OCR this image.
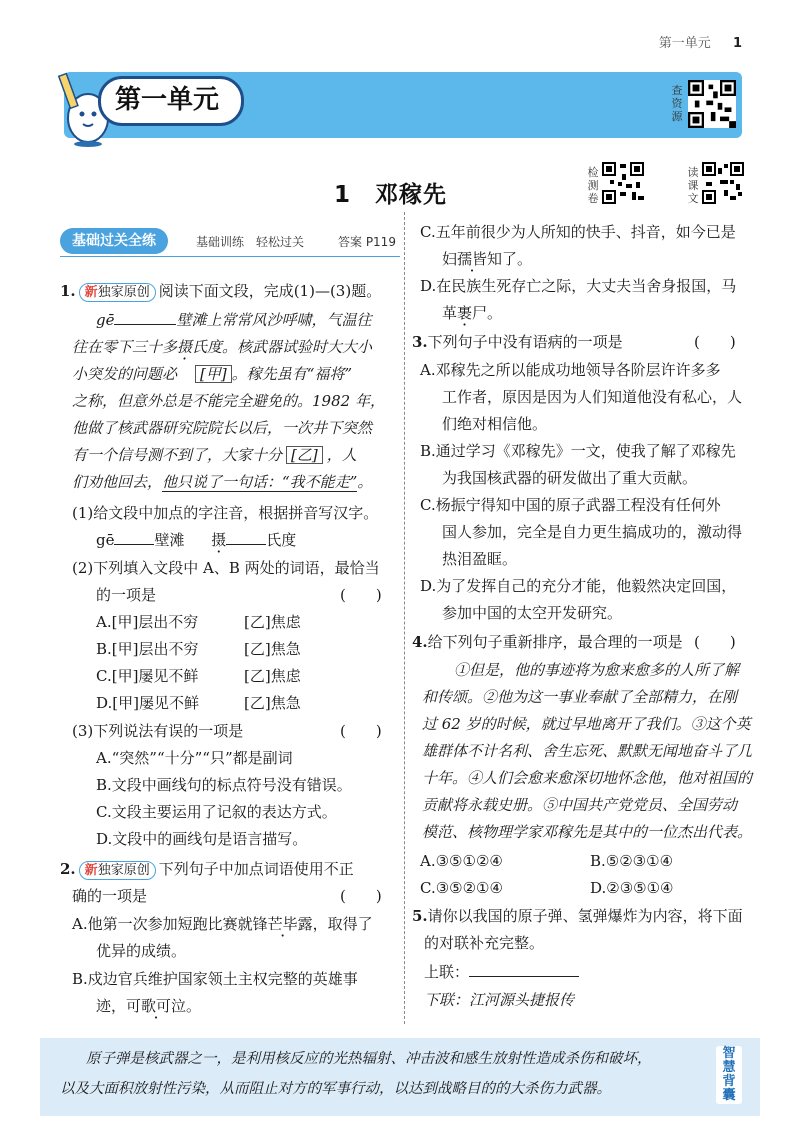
第一单元 1
第一单元	查资源
1　邓稼先
检测卷
读课文
基础过关全练	基础训练　轻松过关	答案 P119
1. 新独家原创 阅读下面文段，完成(1)—(3)题。
gē	壁滩上常常风沙呼啸，气温往
往在零下三十多摄氏度。核武器试验时大大小
小突发的问题必 [甲] 。稼先虽有“福将”
之称，但意外总是不能完全避免的。1982 年，
他做了核武器研究院院长以后，一次井下突然
有一个信号测不到了，大家十分 [乙] ，人
们劝他回去，他只说了一句话：“我不能走”。
(1)给文段中加点的字注音，根据拼音写汉字。
gē	壁滩 摄	氏度
(2)下列填入文段中 A、B 两处的词语，最恰当
的一项是	(　　)
A.[甲]层出不穷	[乙]焦虑
B.[甲]层出不穷	[乙]焦急
C.[甲]屡见不鲜	[乙]焦虑
D.[甲]屡见不鲜	[乙]焦急
(3)下列说法有误的一项是	(　　)
A.“突然”“十分”“只”都是副词
B.文段中画线句的标点符号没有错误。
C.文段主要运用了记叙的表达方式。
D.文段中的画线句是语言描写。
2. 新独家原创 下列句子中加点词语使用不正
确的一项是	(　　)
A.他第一次参加短跑比赛就锋芒毕露，取得了
优异的成绩。
B.戍边官兵维护国家领土主权完整的英雄事
迹，可歌可泣。
C.五年前很少为人所知的快手、抖音，如今已是
妇孺皆知了。
D.在民族生死存亡之际，大丈夫当舍身报国，马
革裹尸。
3.下列句子中没有语病的一项是	(　　)
A.邓稼先之所以能成功地领导各阶层许许多多
工作者，原因是因为人们知道他没有私心，人
们绝对相信他。
B.通过学习《邓稼先》一文，使我了解了邓稼先
为我国核武器的研发做出了重大贡献。
C.杨振宁得知中国的原子武器工程没有任何外
国人参加，完全是自力更生搞成功的，激动得
热泪盈眶。
D.为了发挥自己的充分才能，他毅然决定回国，
参加中国的太空开发研究。
4.给下列句子重新排序，最合理的一项是 (　　)
①但是，他的事迹将为愈来愈多的人所了解
和传颂。②他为这一事业奉献了全部精力，在刚
过 62 岁的时候，就过早地离开了我们。③这个英
雄群体不计名利、舍生忘死、默默无闻地奋斗了几
十年。④人们会愈来愈深切地怀念他，他对祖国的
贡献将永载史册。⑤中国共产党党员、全国劳动
模范、核物理学家邓稼先是其中的一位杰出代表。
A.③⑤①②④	B.⑤②③①④
C.③⑤②①④	D.②③⑤①④
5.请你以我国的原子弹、氢弹爆炸为内容，将下面
的对联补充完整。
上联：
下联：江河源头捷报传
原子弹是核武器之一，是利用核反应的光热辐射、冲击波和感生放射性造成杀伤和破坏，
以及大面积放射性污染，从而阻止对方的军事行动，以达到战略目的的大杀伤力武器。
智慧背囊
